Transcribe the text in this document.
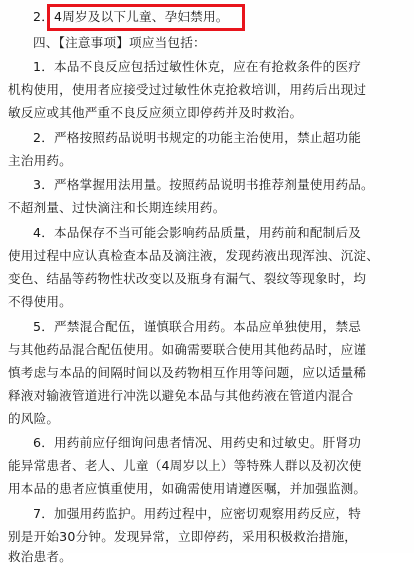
2．4周岁及以下儿童、孕妇禁用。
四、【注意事项】项应当包括：
1．本品不良反应包括过敏性休克，应在有抢救条件的医疗
机构使用，使用者应接受过过敏性休克抢救培训，用药后出现过
敏反应或其他严重不良反应须立即停药并及时救治。
2．严格按照药品说明书规定的功能主治使用，禁止超功能
主治用药。
3．严格掌握用法用量。按照药品说明书推荐剂量使用药品。
不超剂量、过快滴注和长期连续用药。
4．本品保存不当可能会影响药品质量，用药前和配制后及
使用过程中应认真检查本品及滴注液，发现药液出现浑浊、沉淀、
变色、结晶等药物性状改变以及瓶身有漏气、裂纹等现象时，均
不得使用。
5．严禁混合配伍，谨慎联合用药。本品应单独使用，禁忌
与其他药品混合配伍使用。如确需要联合使用其他药品时，应谨
慎考虑与本品的间隔时间以及药物相互作用等问题，应以适量稀
释液对输液管道进行冲洗以避免本品与其他药液在管道内混合
的风险。
6．用药前应仔细询问患者情况、用药史和过敏史。肝肾功
能异常患者、老人、儿童（4周岁以上）等特殊人群以及初次使
用本品的患者应慎重使用，如确需使用请遵医嘱，并加强监测。
7．加强用药监护。用药过程中，应密切观察用药反应，特
别是开始30分钟。发现异常，立即停药，采用积极救治措施，
救治患者。
